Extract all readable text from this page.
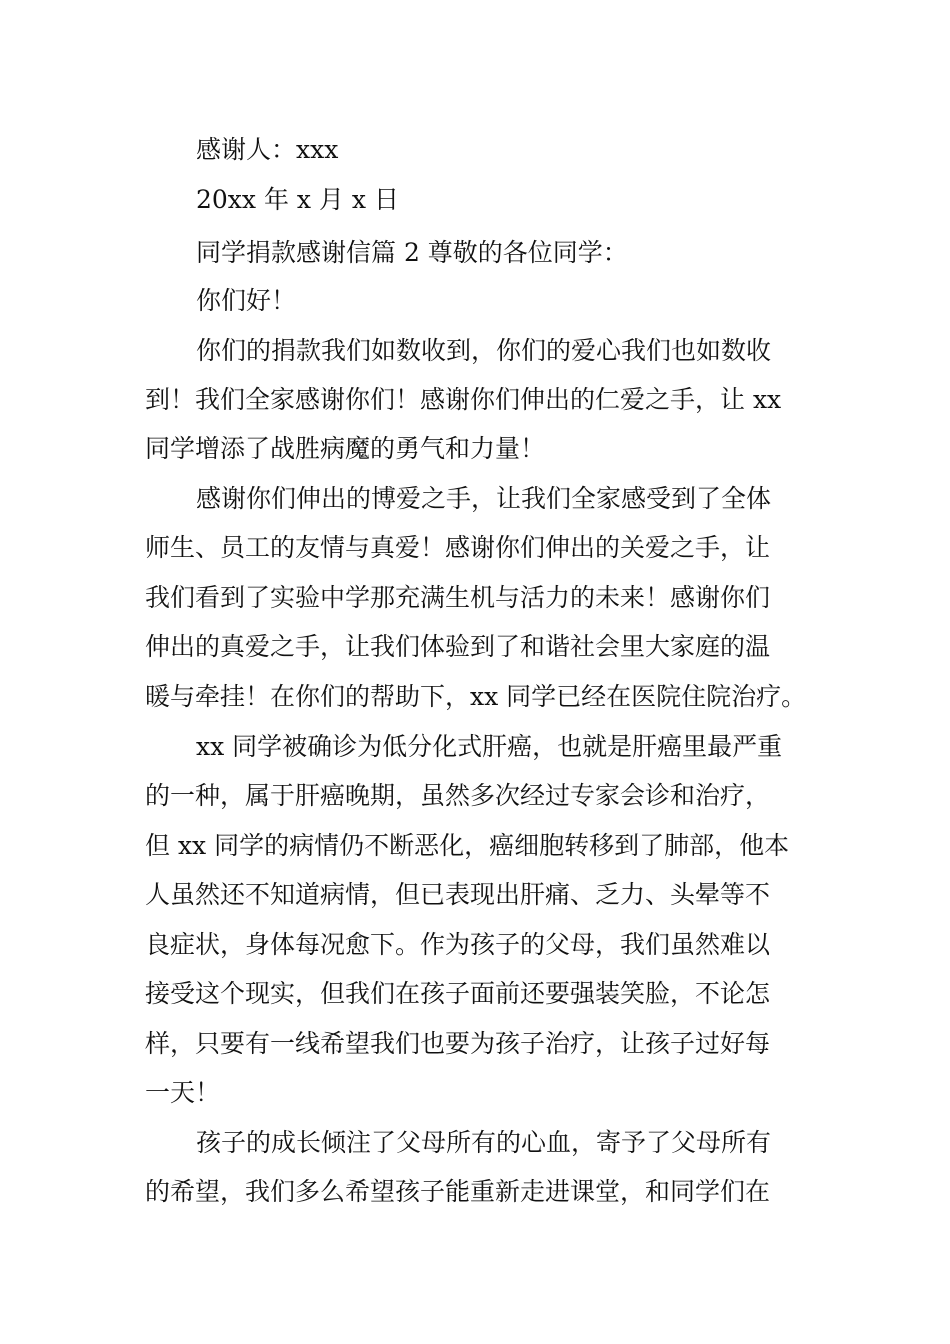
感谢人：xxx
20xx 年 x 月 x 日
同学捐款感谢信篇 2 尊敬的各位同学：
你们好！
你们的捐款我们如数收到，你们的爱心我们也如数收
到！我们全家感谢你们！感谢你们伸出的仁爱之手，让 xx
同学增添了战胜病魔的勇气和力量！
感谢你们伸出的博爱之手，让我们全家感受到了全体
师生、员工的友情与真爱！感谢你们伸出的关爱之手，让
我们看到了实验中学那充满生机与活力的未来！感谢你们
伸出的真爱之手，让我们体验到了和谐社会里大家庭的温
暖与牵挂！在你们的帮助下，xx 同学已经在医院住院治疗。
xx 同学被确诊为低分化式肝癌，也就是肝癌里最严重
的一种，属于肝癌晚期，虽然多次经过专家会诊和治疗，
但 xx 同学的病情仍不断恶化，癌细胞转移到了肺部，他本
人虽然还不知道病情，但已表现出肝痛、乏力、头晕等不
良症状，身体每况愈下。作为孩子的父母，我们虽然难以
接受这个现实，但我们在孩子面前还要强装笑脸，不论怎
样，只要有一线希望我们也要为孩子治疗，让孩子过好每
一天！
孩子的成长倾注了父母所有的心血，寄予了父母所有
的希望，我们多么希望孩子能重新走进课堂，和同学们在
